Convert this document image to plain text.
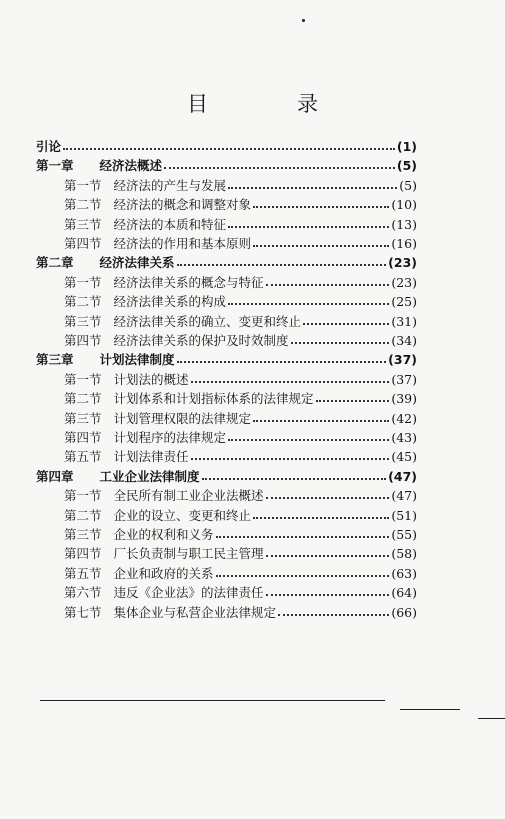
目　录
引论	(1)
第一章 经济法概述	(5)
第一节 经济法的产生与发展	(5)
第二节 经济法的概念和调整对象	(10)
第三节 经济法的本质和特征	(13)
第四节 经济法的作用和基本原则	(16)
第二章 经济法律关系	(23)
第一节 经济法律关系的概念与特征	(23)
第二节 经济法律关系的构成	(25)
第三节 经济法律关系的确立、变更和终止	(31)
第四节 经济法律关系的保护及时效制度	(34)
第三章 计划法律制度	(37)
第一节 计划法的概述	(37)
第二节 计划体系和计划指标体系的法律规定	(39)
第三节 计划管理权限的法律规定	(42)
第四节 计划程序的法律规定	(43)
第五节 计划法律责任	(45)
第四章 工业企业法律制度	(47)
第一节 全民所有制工业企业法概述	(47)
第二节 企业的设立、变更和终止	(51)
第三节 企业的权利和义务	(55)
第四节 厂长负责制与职工民主管理	(58)
第五节 企业和政府的关系	(63)
第六节 违反《企业法》的法律责任	(64)
第七节 集体企业与私营企业法律规定	(66)
